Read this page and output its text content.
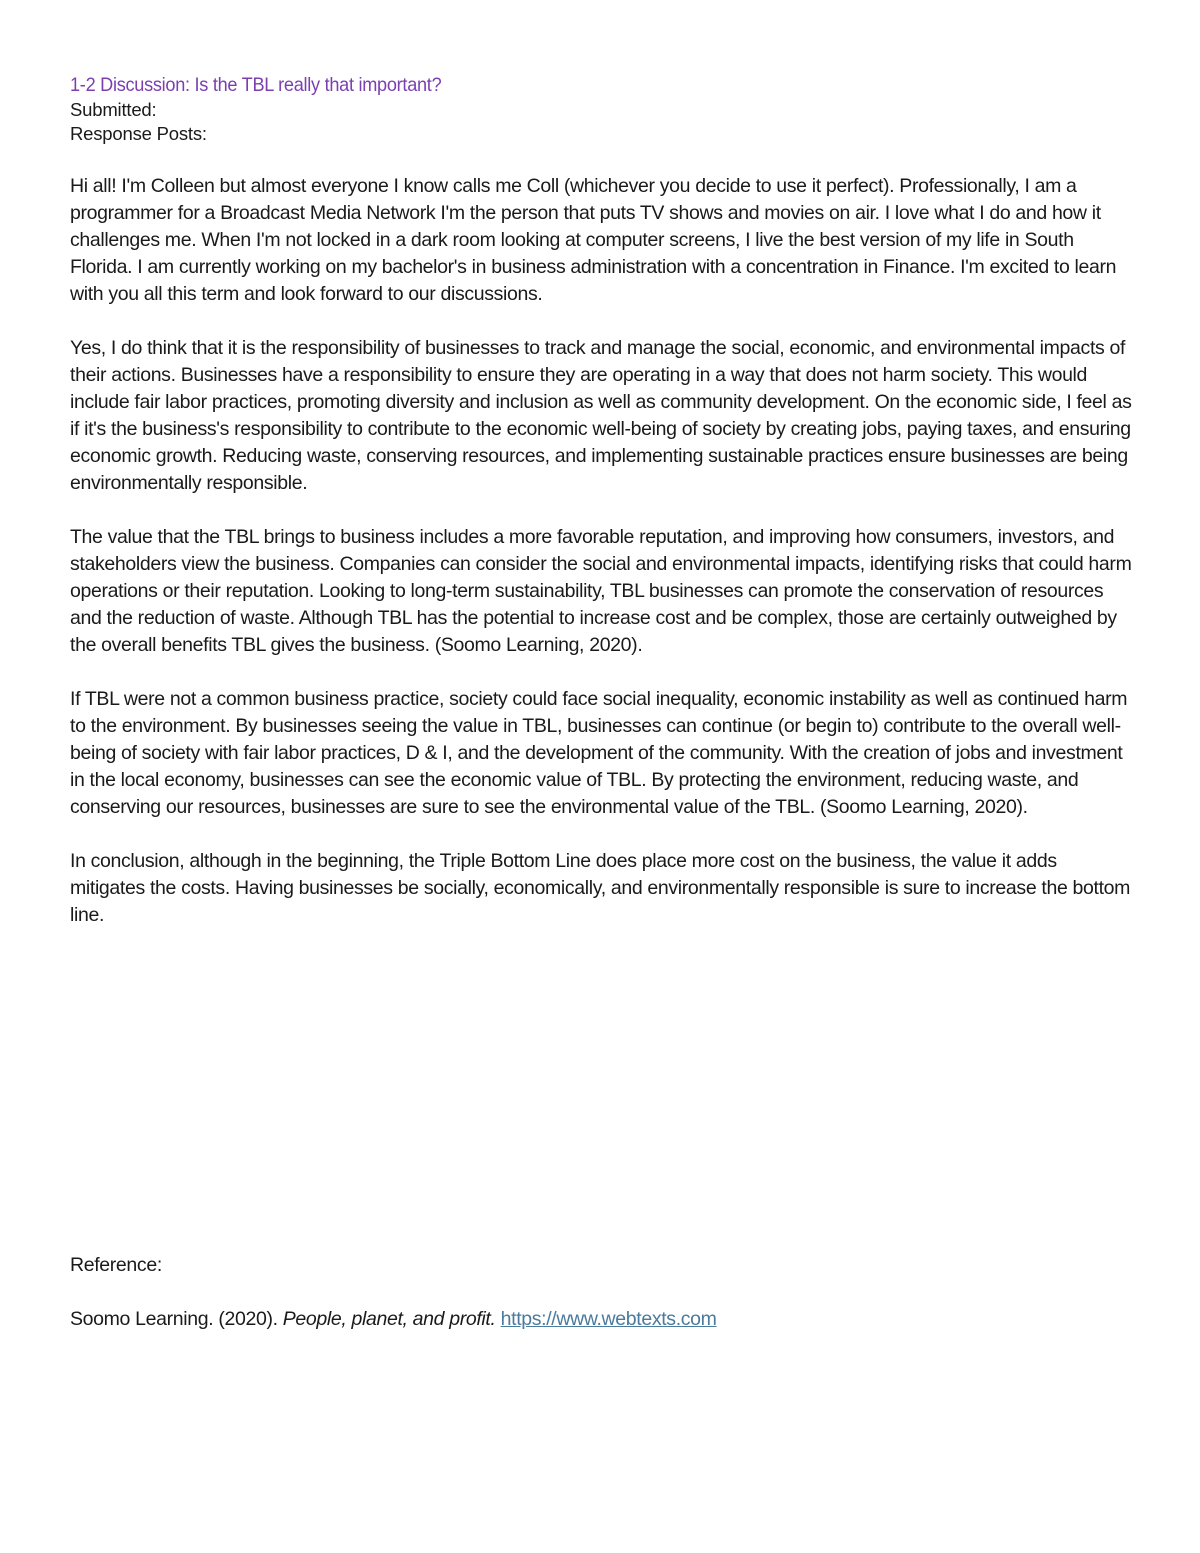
1-2 Discussion: Is the TBL really that important?
Submitted:
Response Posts:

Hi all! I'm Colleen but almost everyone I know calls me Coll (whichever you decide to use it perfect). Professionally, I am a programmer for a Broadcast Media Network I'm the person that puts TV shows and movies on air. I love what I do and how it challenges me. When I'm not locked in a dark room looking at computer screens, I live the best version of my life in South Florida. I am currently working on my bachelor's in business administration with a concentration in Finance. I'm excited to learn with you all this term and look forward to our discussions.

Yes, I do think that it is the responsibility of businesses to track and manage the social, economic, and environmental impacts of their actions. Businesses have a responsibility to ensure they are operating in a way that does not harm society. This would include fair labor practices, promoting diversity and inclusion as well as community development. On the economic side, I feel as if it's the business's responsibility to contribute to the economic well-being of society by creating jobs, paying taxes, and ensuring economic growth. Reducing waste, conserving resources, and implementing sustainable practices ensure businesses are being environmentally responsible.

The value that the TBL brings to business includes a more favorable reputation, and improving how consumers, investors, and stakeholders view the business. Companies can consider the social and environmental impacts, identifying risks that could harm operations or their reputation. Looking to long-term sustainability, TBL businesses can promote the conservation of resources and the reduction of waste. Although TBL has the potential to increase cost and be complex, those are certainly outweighed by the overall benefits TBL gives the business. (Soomo Learning, 2020).

If TBL were not a common business practice, society could face social inequality, economic instability as well as continued harm to the environment. By businesses seeing the value in TBL, businesses can continue (or begin to) contribute to the overall well-being of society with fair labor practices, D & I, and the development of the community. With the creation of jobs and investment in the local economy, businesses can see the economic value of TBL. By protecting the environment, reducing waste, and conserving our resources, businesses are sure to see the environmental value of the TBL. (Soomo Learning, 2020).

In conclusion, although in the beginning, the Triple Bottom Line does place more cost on the business, the value it adds mitigates the costs. Having businesses be socially, economically, and environmentally responsible is sure to increase the bottom line.

Reference:

Soomo Learning. (2020). People, planet, and profit. https://www.webtexts.com
